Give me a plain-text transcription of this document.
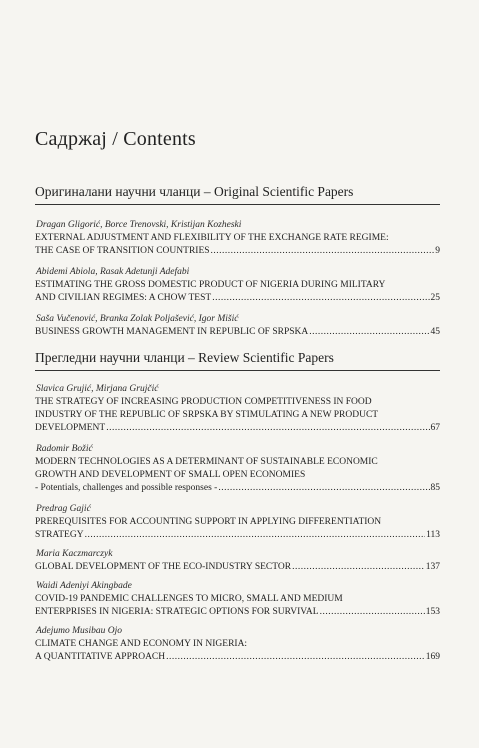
Садржај / Contents
Оригиналани научни чланци – Original Scientific Papers
Dragan Gligorić, Borce Trenovski, Kristijan Kozheski
EXTERNAL ADJUSTMENT AND FLEXIBILITY OF THE EXCHANGE RATE REGIME:
THE CASE OF TRANSITION COUNTRIES .....	9
Abidemi Abiola, Rasak Adetunji Adefabi
ESTIMATING THE GROSS DOMESTIC PRODUCT OF NIGERIA DURING MILITARY
AND CIVILIAN REGIMES: A CHOW TEST .....	25
Saša Vučenović, Branka Zolak Poljašević, Igor Mišić
BUSINESS GROWTH MANAGEMENT IN REPUBLIC OF SRPSKA .....	45
Прегледни научни чланци – Review Scientific Papers
Slavica Grujić, Mirjana Grujčić
THE STRATEGY OF INCREASING PRODUCTION COMPETITIVENESS IN FOOD
INDUSTRY OF THE REPUBLIC OF SRPSKA BY STIMULATING A NEW PRODUCT
DEVELOPMENT .....	67
Radomir Božić
MODERN TECHNOLOGIES AS A DETERMINANT OF SUSTAINABLE ECONOMIC
GROWTH AND DEVELOPMENT OF SMALL OPEN ECONOMIES
- Potentials, challenges and possible responses - .....	85
Predrag Gajić
PREREQUISITES FOR ACCOUNTING SUPPORT IN APPLYING DIFFERENTIATION
STRATEGY .....	113
Maria Kaczmarczyk
GLOBAL DEVELOPMENT OF THE ECO-INDUSTRY SECTOR .....	137
Waidi Adeniyi Akingbade
COVID-19 PANDEMIC CHALLENGES TO MICRO, SMALL AND MEDIUM
ENTERPRISES IN NIGERIA: STRATEGIC OPTIONS FOR SURVIVAL .....	153
Adejumo Musibau Ojo
CLIMATE CHANGE AND ECONOMY IN NIGERIA:
A QUANTITATIVE APPROACH .....	169
